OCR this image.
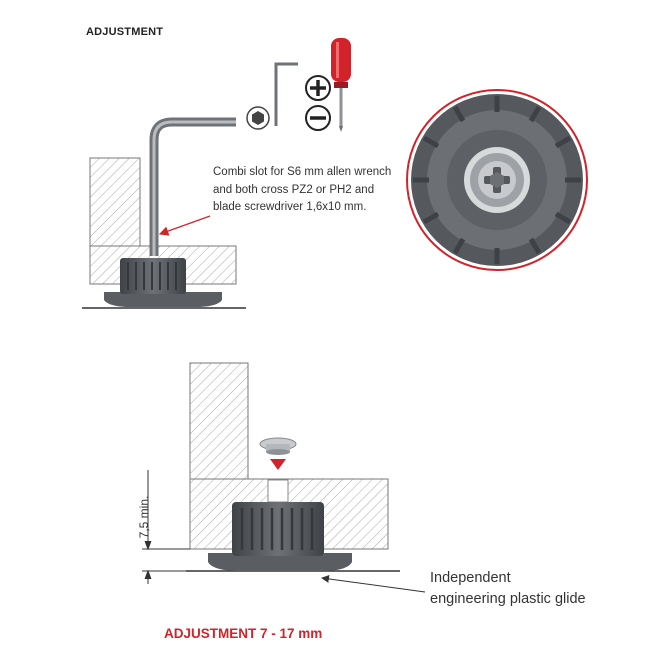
ADJUSTMENT
Combi slot for S6 mm allen wrench
and both cross PZ2 or PH2 and
blade screwdriver 1,6x10 mm.
7,5 min.
Independent
engineering plastic glide
ADJUSTMENT 7 - 17 mm
